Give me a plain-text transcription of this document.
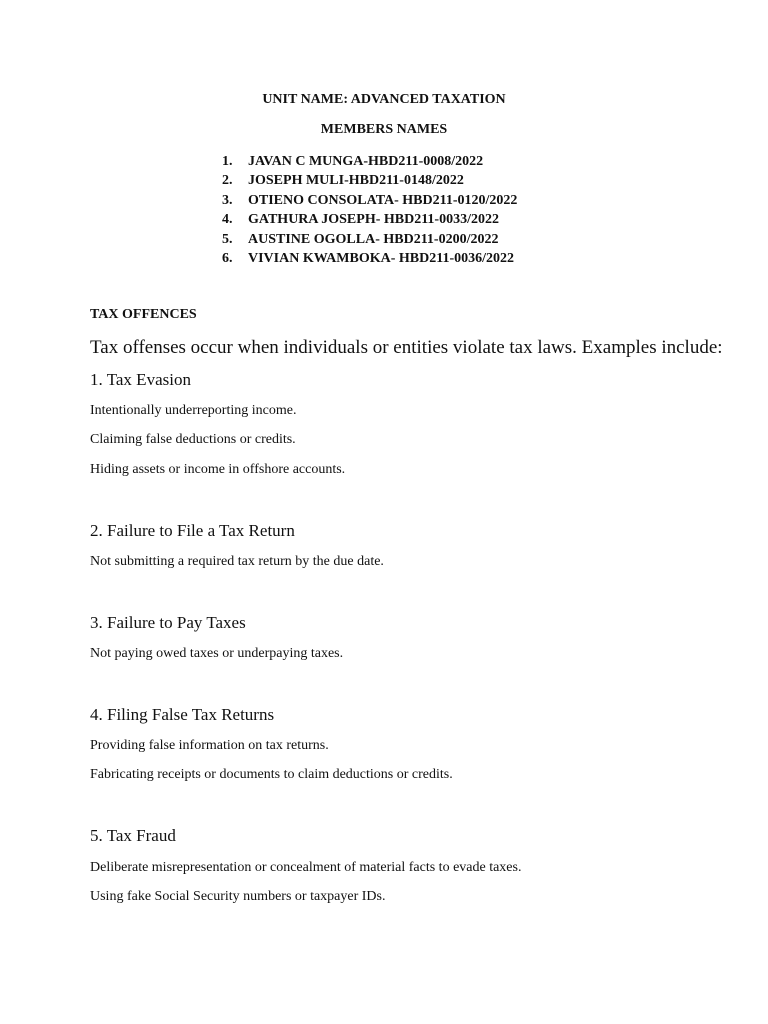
UNIT NAME: ADVANCED TAXATION
MEMBERS NAMES
1.	JAVAN C MUNGA-HBD211-0008/2022
2.	JOSEPH MULI-HBD211-0148/2022
3.	OTIENO CONSOLATA- HBD211-0120/2022
4.	GATHURA JOSEPH- HBD211-0033/2022
5.	AUSTINE OGOLLA- HBD211-0200/2022
6.	VIVIAN KWAMBOKA- HBD211-0036/2022
TAX OFFENCES
Tax offenses occur when individuals or entities violate tax laws. Examples include:
1. Tax Evasion
Intentionally underreporting income.
Claiming false deductions or credits.
Hiding assets or income in offshore accounts.
2. Failure to File a Tax Return
Not submitting a required tax return by the due date.
3. Failure to Pay Taxes
Not paying owed taxes or underpaying taxes.
4. Filing False Tax Returns
Providing false information on tax returns.
Fabricating receipts or documents to claim deductions or credits.
5. Tax Fraud
Deliberate misrepresentation or concealment of material facts to evade taxes.
Using fake Social Security numbers or taxpayer IDs.
